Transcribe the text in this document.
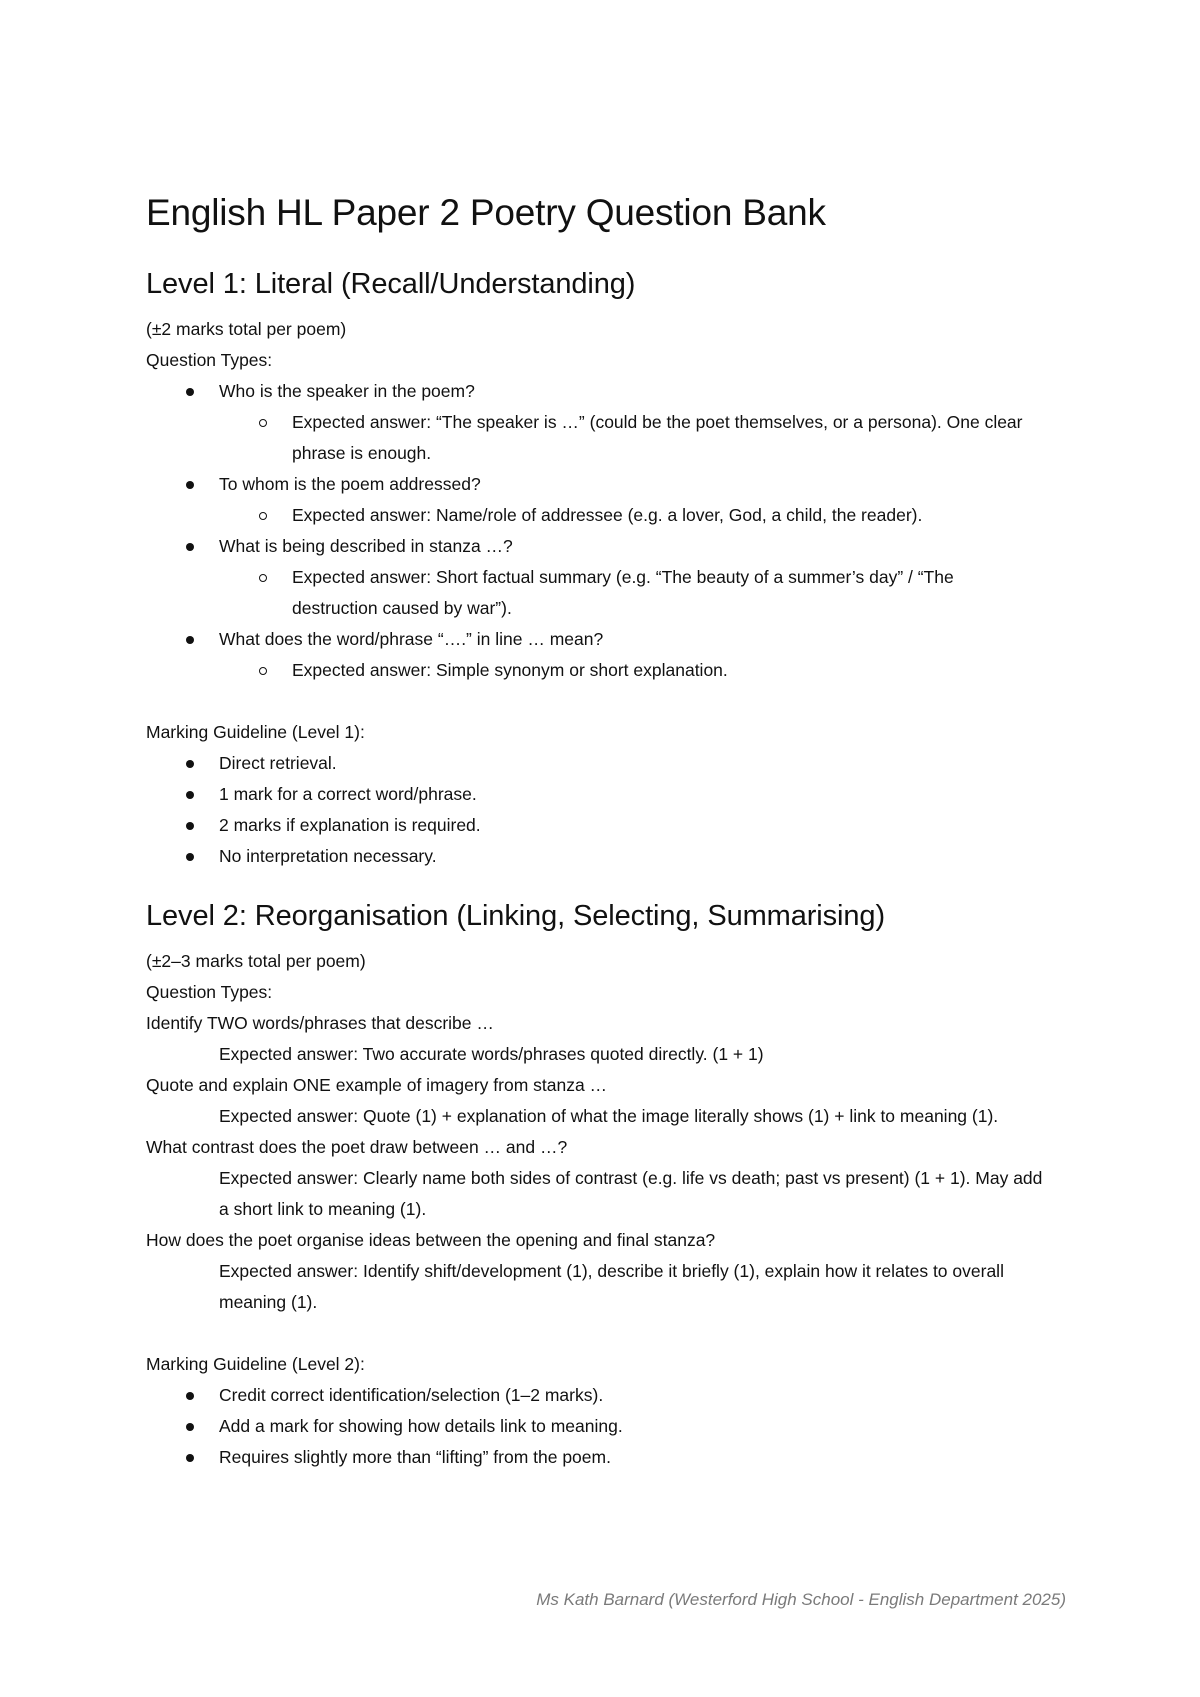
English HL Paper 2 Poetry Question Bank
Level 1: Literal (Recall/Understanding)

(±2 marks total per poem)

Question Types:

Who is the speaker in the poem?
Expected answer: “The speaker is …” (could be the poet themselves, or a persona). One clear phrase is enough.
To whom is the poem addressed?
Expected answer: Name/role of addressee (e.g. a lover, God, a child, the reader).
What is being described in stanza …?
Expected answer: Short factual summary (e.g. “The beauty of a summer’s day” / “The destruction caused by war”).
What does the word/phrase “….” in line … mean?
Expected answer: Simple synonym or short explanation.

Marking Guideline (Level 1):

Direct retrieval.
1 mark for a correct word/phrase.
2 marks if explanation is required.
No interpretation necessary.
Level 2: Reorganisation (Linking, Selecting, Summarising)

(±2–3 marks total per poem)

Question Types:

Identify TWO words/phrases that describe …

Expected answer: Two accurate words/phrases quoted directly. (1 + 1)

Quote and explain ONE example of imagery from stanza …

Expected answer: Quote (1) + explanation of what the image literally shows (1) + link to meaning (1).

What contrast does the poet draw between … and …?

Expected answer: Clearly name both sides of contrast (e.g. life vs death; past vs present) (1 + 1). May add a short link to meaning (1).

How does the poet organise ideas between the opening and final stanza?

Expected answer: Identify shift/development (1), describe it briefly (1), explain how it relates to overall meaning (1).

Marking Guideline (Level 2):

Credit correct identification/selection (1–2 marks).
Add a mark for showing how details link to meaning.
Requires slightly more than “lifting” from the poem.
Ms Kath Barnard (Westerford High School - English Department 2025)
